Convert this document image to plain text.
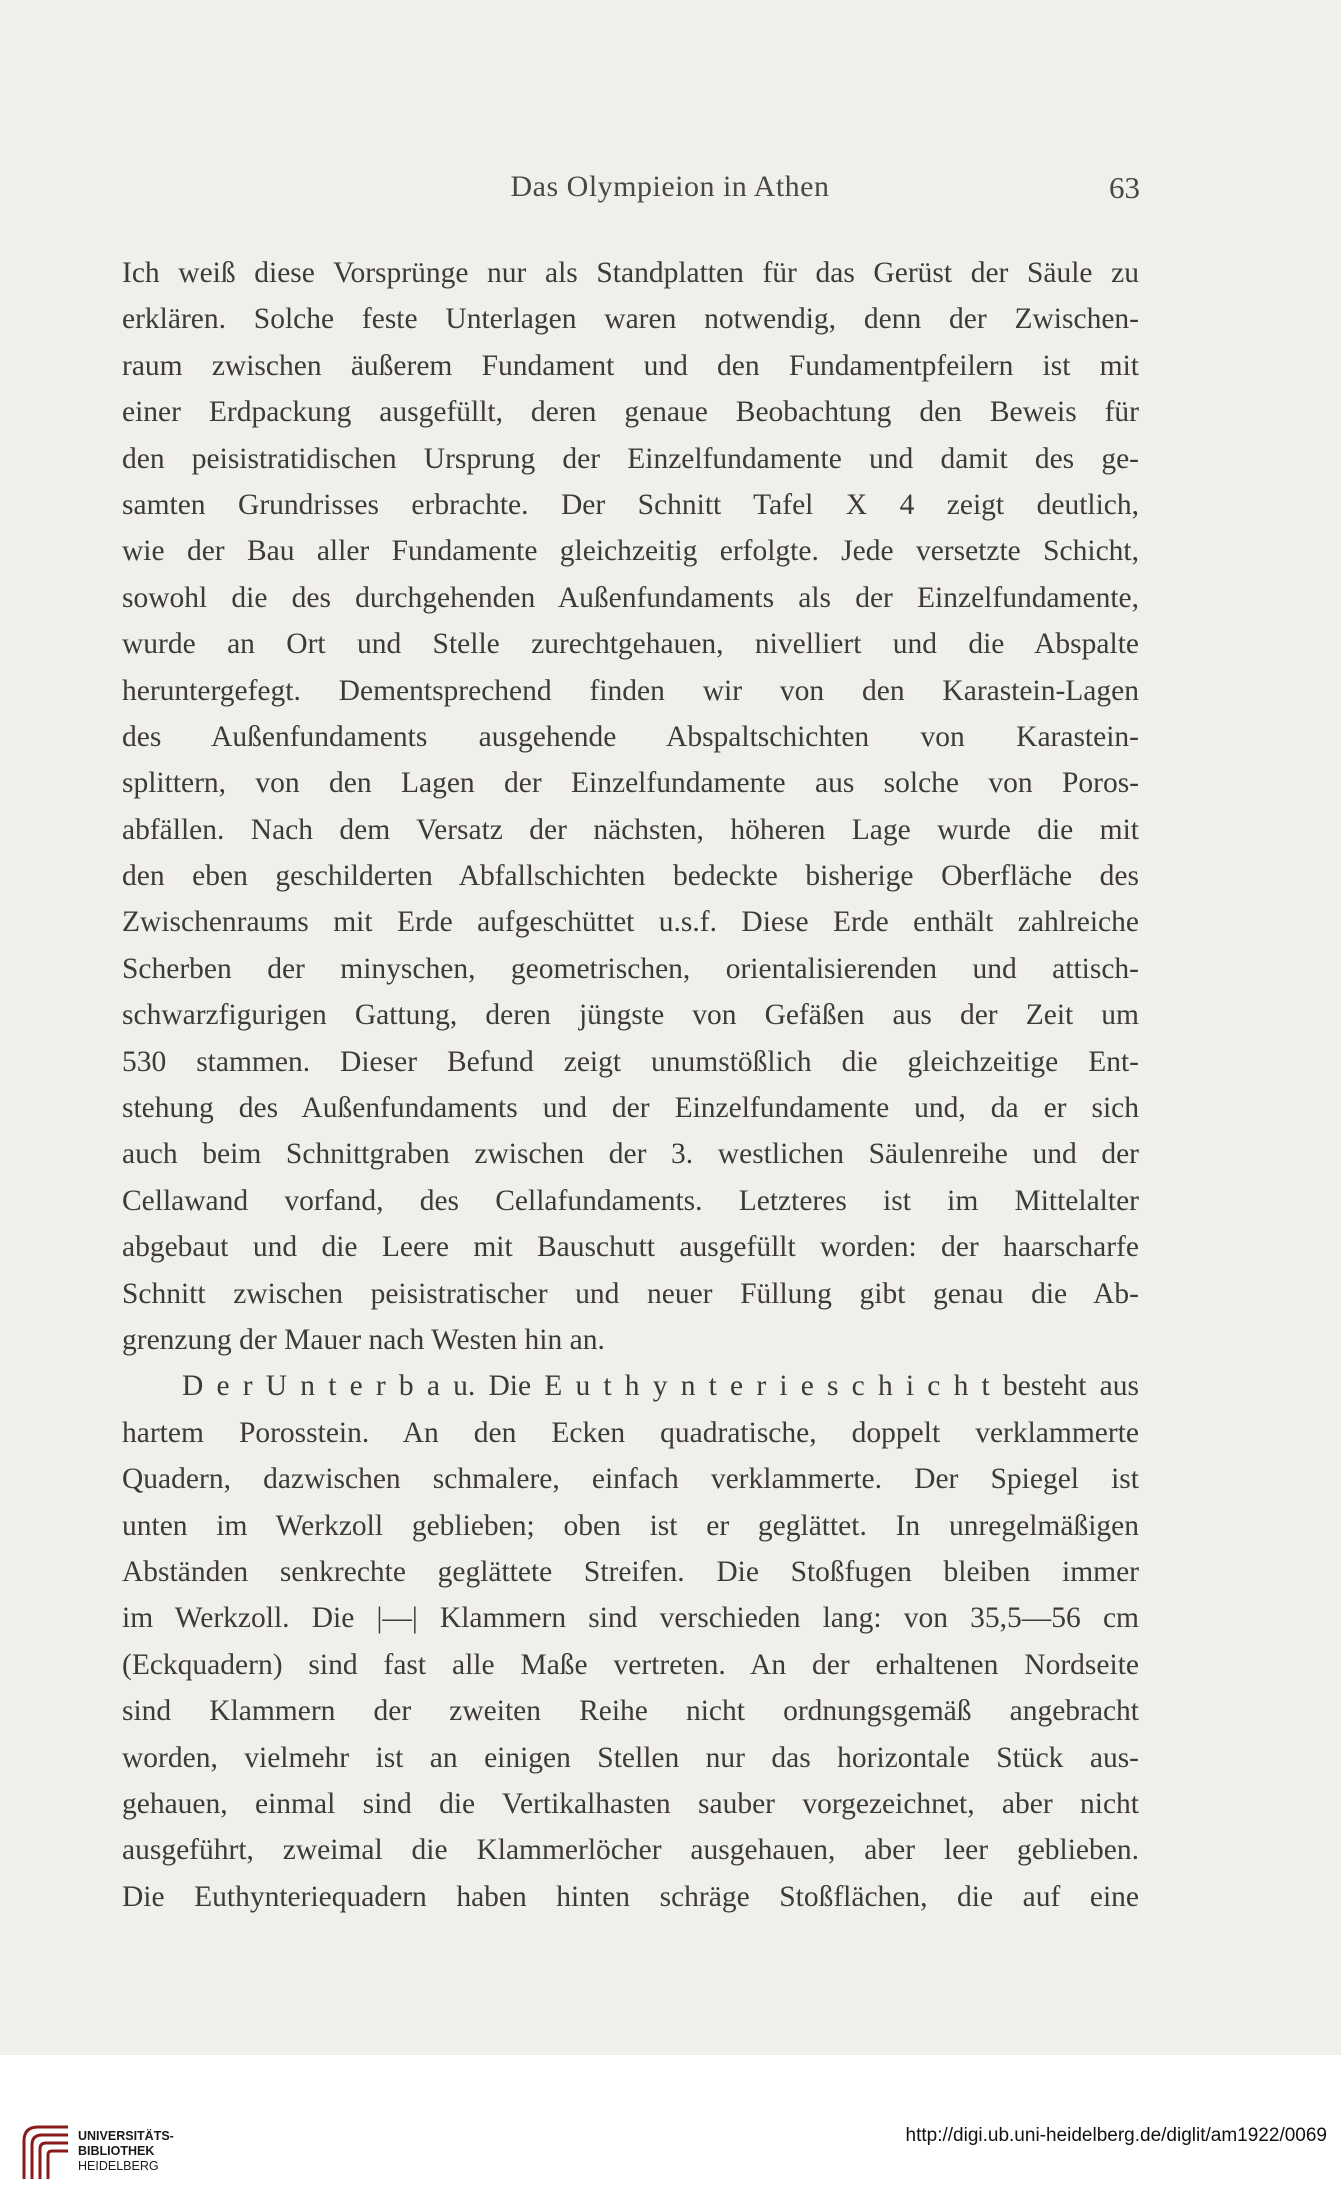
Das Olympieion in Athen	63
Ich weiß diese Vorsprünge nur als Standplatten für das Gerüst der Säule zu
erklären. Solche feste Unterlagen waren notwendig, denn der Zwischen-
raum zwischen äußerem Fundament und den Fundamentpfeilern ist mit
einer Erdpackung ausgefüllt, deren genaue Beobachtung den Beweis für
den peisistratidischen Ursprung der Einzelfundamente und damit des ge-
samten Grundrisses erbrachte. Der Schnitt Tafel X 4 zeigt deutlich,
wie der Bau aller Fundamente gleichzeitig erfolgte. Jede versetzte Schicht,
sowohl die des durchgehenden Außenfundaments als der Einzelfundamente,
wurde an Ort und Stelle zurechtgehauen, nivelliert und die Abspalte
heruntergefegt. Dementsprechend finden wir von den Karastein-Lagen
des Außenfundaments ausgehende Abspaltschichten von Karastein-
splittern, von den Lagen der Einzelfundamente aus solche von Poros-
abfällen. Nach dem Versatz der nächsten, höheren Lage wurde die mit
den eben geschilderten Abfallschichten bedeckte bisherige Oberfläche des
Zwischenraums mit Erde aufgeschüttet u.s.f. Diese Erde enthält zahlreiche
Scherben der minyschen, geometrischen, orientalisierenden und attisch-
schwarzfigurigen Gattung, deren jüngste von Gefäßen aus der Zeit um
530 stammen. Dieser Befund zeigt unumstößlich die gleichzeitige Ent-
stehung des Außenfundaments und der Einzelfundamente und, da er sich
auch beim Schnittgraben zwischen der 3. westlichen Säulenreihe und der
Cellawand vorfand, des Cellafundaments. Letzteres ist im Mittelalter
abgebaut und die Leere mit Bauschutt ausgefüllt worden: der haarscharfe
Schnitt zwischen peisistratischer und neuer Füllung gibt genau die Ab-
grenzung der Mauer nach Westen hin an.
D e r U n t e r b a u. Die E u t h y n t e r i e s c h i c h t besteht aus
hartem Porosstein. An den Ecken quadratische, doppelt verklammerte
Quadern, dazwischen schmalere, einfach verklammerte. Der Spiegel ist
unten im Werkzoll geblieben; oben ist er geglättet. In unregelmäßigen
Abständen senkrechte geglättete Streifen. Die Stoßfugen bleiben immer
im Werkzoll. Die |—| Klammern sind verschieden lang: von 35,5—56 cm
(Eckquadern) sind fast alle Maße vertreten. An der erhaltenen Nordseite
sind Klammern der zweiten Reihe nicht ordnungsgemäß angebracht
worden, vielmehr ist an einigen Stellen nur das horizontale Stück aus-
gehauen, einmal sind die Vertikalhasten sauber vorgezeichnet, aber nicht
ausgeführt, zweimal die Klammerlöcher ausgehauen, aber leer geblieben.
Die Euthynteriequadern haben hinten schräge Stoßflächen, die auf eine
UNIVERSITÄTS-
BIBLIOTHEK
HEIDELBERG
http://digi.ub.uni-heidelberg.de/diglit/am1922/0069
